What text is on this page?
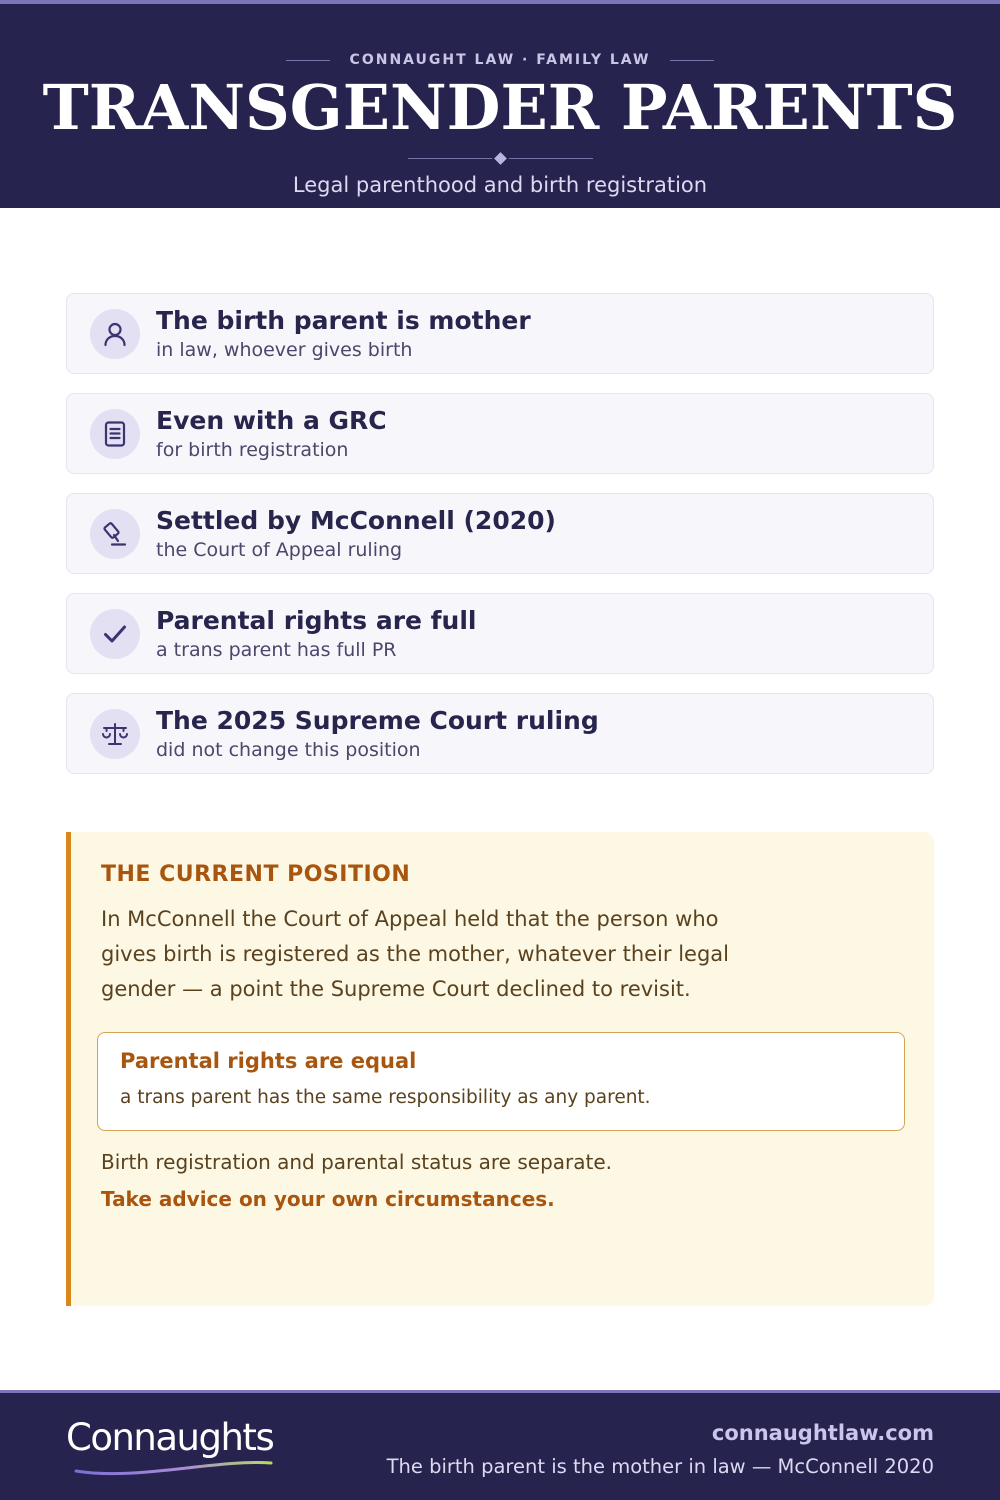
CONNAUGHT LAW · FAMILY LAW
TRANSGENDER PARENTS
Legal parenthood and birth registration
The birth parent is mother
in law, whoever gives birth
Even with a GRC
for birth registration
Settled by McConnell (2020)
the Court of Appeal ruling
Parental rights are full
a trans parent has full PR
The 2025 Supreme Court ruling
did not change this position
THE CURRENT POSITION
In McConnell the Court of Appeal held that the person who gives birth is registered as the mother, whatever their legal gender — a point the Supreme Court declined to revisit.
Parental rights are equal
a trans parent has the same responsibility as any parent.
Birth registration and parental status are separate.
Take advice on your own circumstances.
Connaughts	connaughtlaw.com
The birth parent is the mother in law — McConnell 2020
